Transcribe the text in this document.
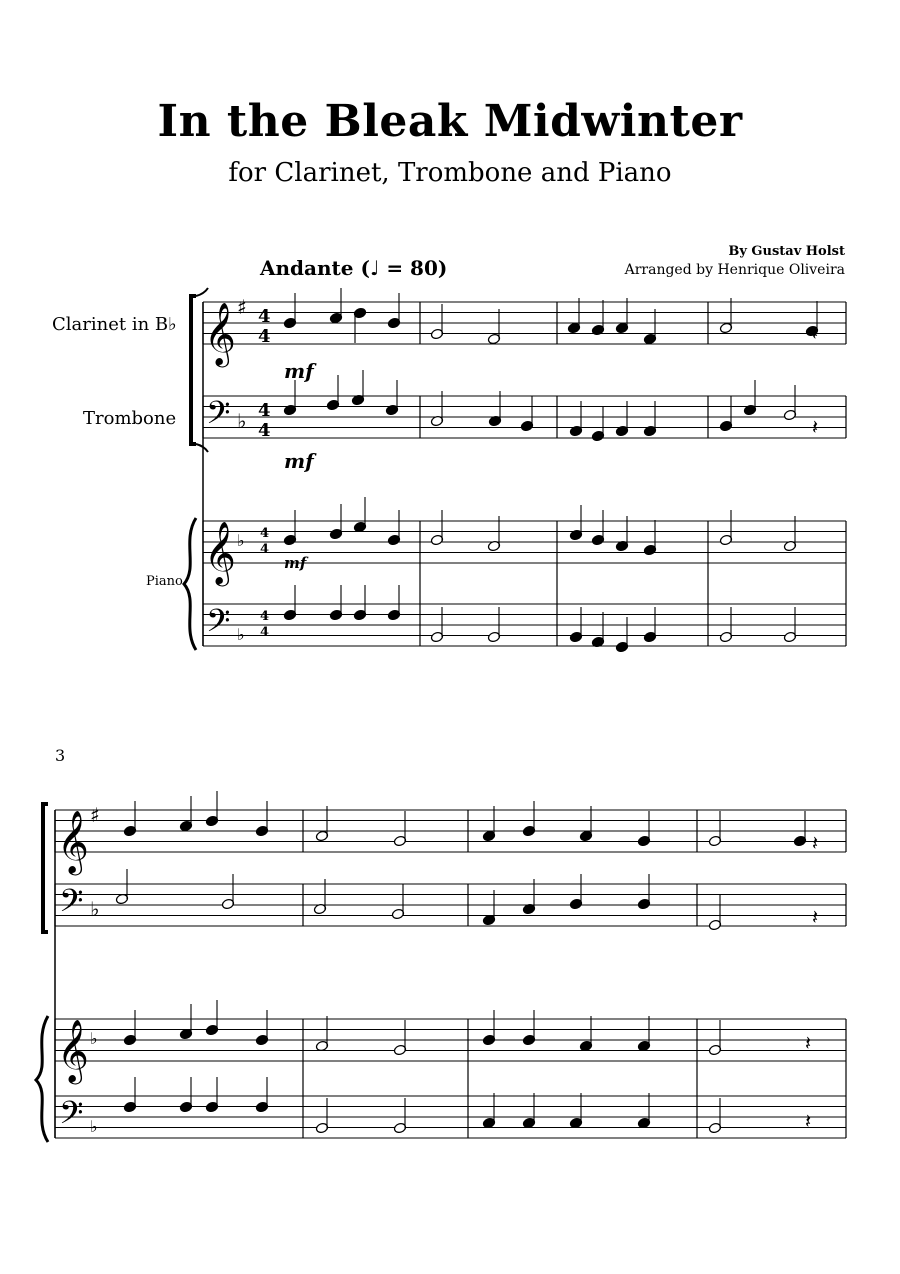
In the Bleak Midwinter
for Clarinet, Trombone and Piano
By Gustav Holst
Arranged by Henrique Oliveira
Andante (♩ = 80)
Clarinet in B♭
Trombone
Piano
3
𝄞 ♯ 4
4
𝄢 ♭ 4
4
𝄞 ♭ 4
4
𝄢 ♭
4
4
𝄞 ♯
𝄢 ♭
𝄞 ♭
𝄢 ♭
𝄽
𝄽
𝄽
𝄽
𝄽
mf
mf
mf
